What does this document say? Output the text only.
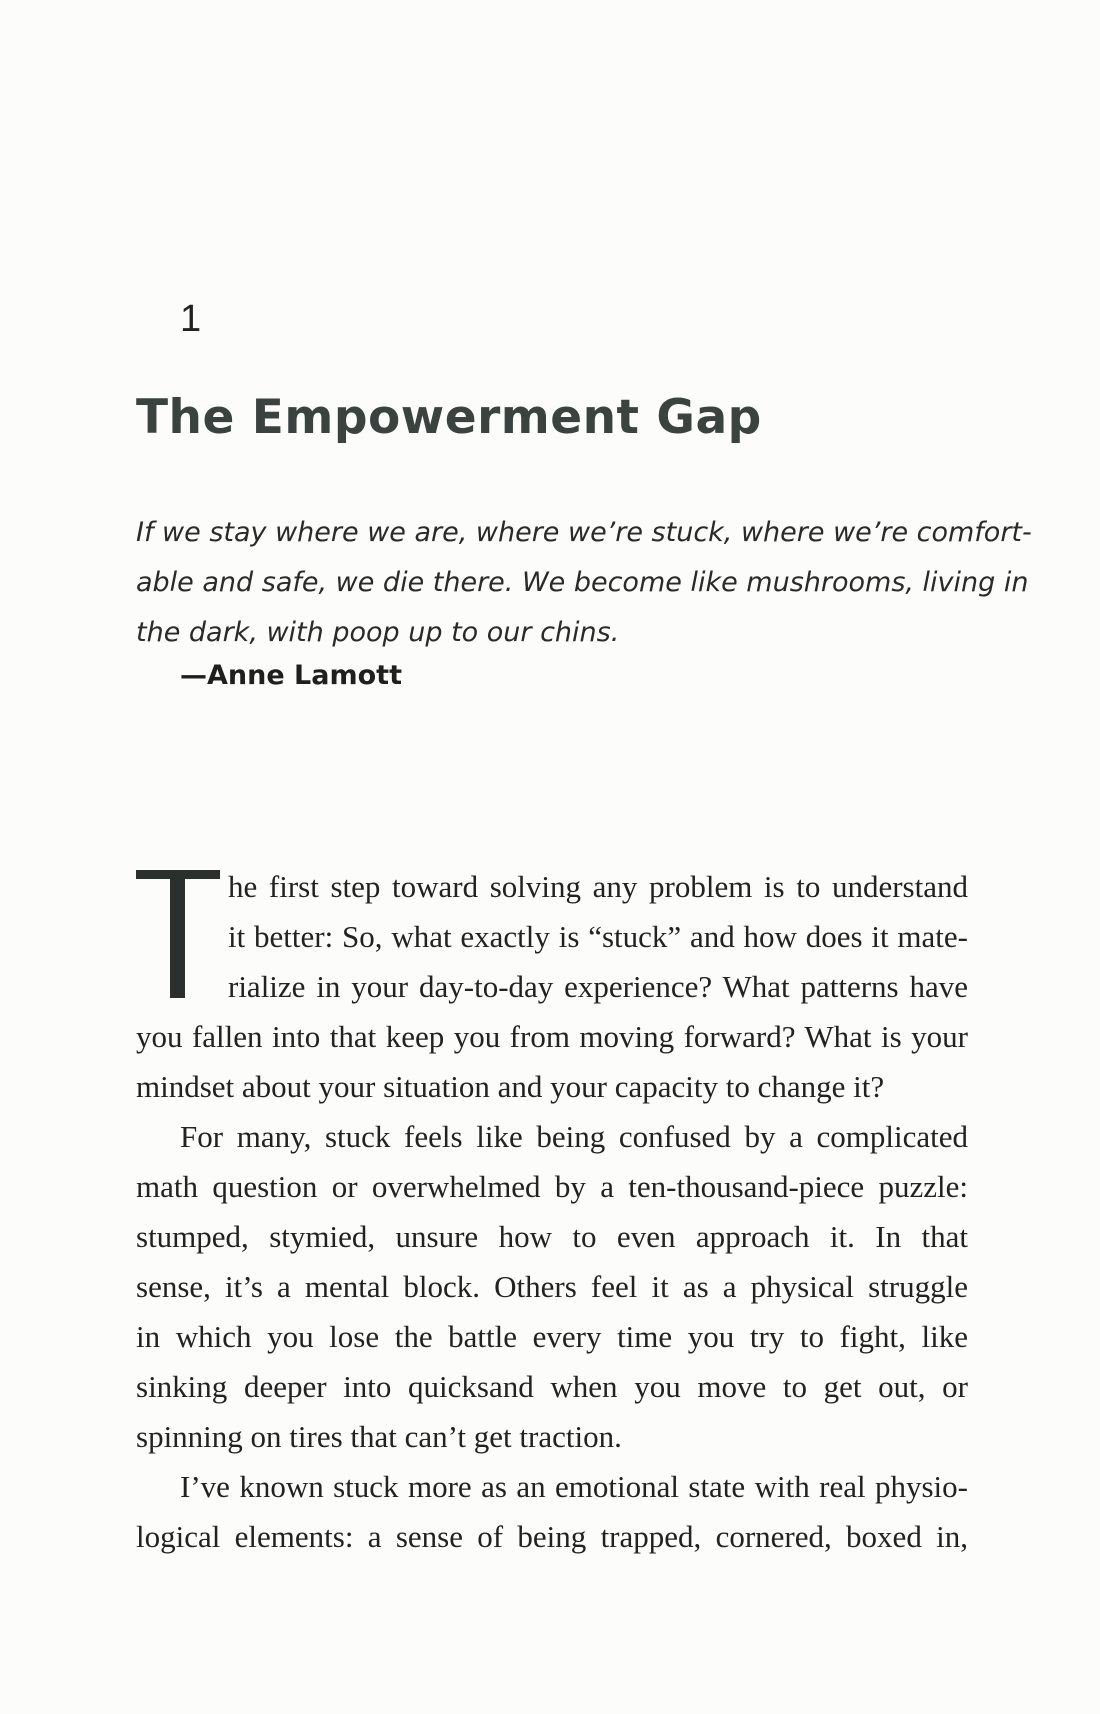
1
The Empowerment Gap
If we stay where we are, where we’re stuck, where we’re comfort-
able and safe, we die there. We become like mushrooms, living in
the dark, with poop up to our chins.
—Anne Lamott
T	he first step toward solving any problem is to understand
it better: So, what exactly is “stuck” and how does it mate-
rialize in your day-to-day experience? What patterns have
you fallen into that keep you from moving forward? What is your
mindset about your situation and your capacity to change it?
For many, stuck feels like being confused by a complicated
math question or overwhelmed by a ten-thousand-piece puzzle:
stumped, stymied, unsure how to even approach it. In that
sense, it’s a mental block. Others feel it as a physical struggle
in which you lose the battle every time you try to fight, like
sinking deeper into quicksand when you move to get out, or
spinning on tires that can’t get traction.
I’ve known stuck more as an emotional state with real physio-
logical elements: a sense of being trapped, cornered, boxed in,
